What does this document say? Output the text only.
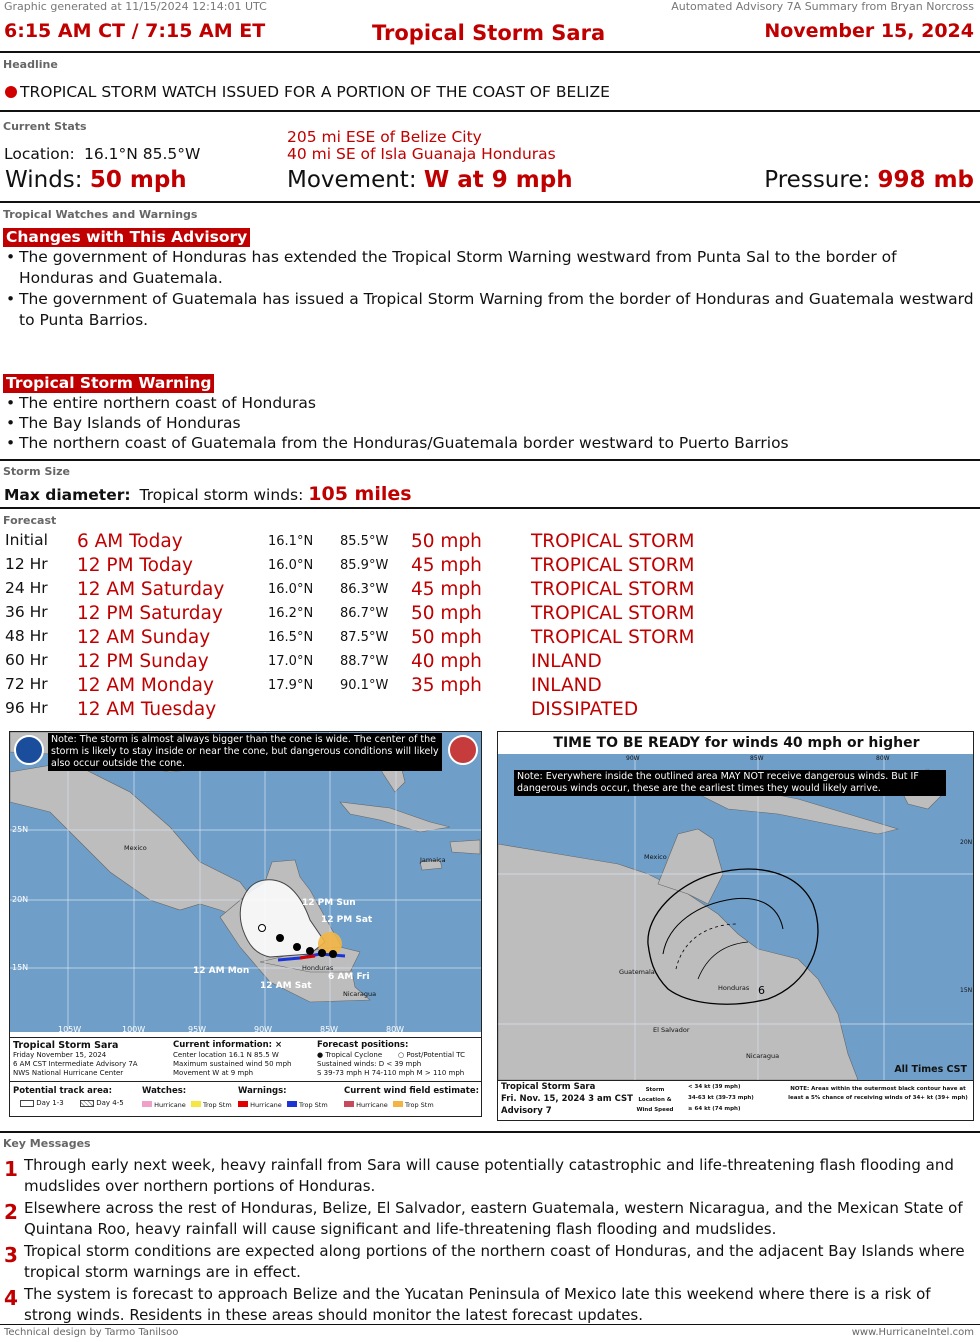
Graphic generated at 11/15/2024 12:14:01 UTC	Automated Advisory 7A Summary from Bryan Norcross
6:15 AM CT / 7:15 AM ET	Tropical Storm Sara	November 15, 2024
Headline
TROPICAL STORM WATCH ISSUED FOR A PORTION OF THE COAST OF BELIZE
Current Stats
Location: 16.1°N 85.5°W
205 mi ESE of Belize City
40 mi SE of Isla Guanaja Honduras
Winds: 50 mph	Movement: W at 9 mph	Pressure: 998 mb
Tropical Watches and Warnings
Changes with This Advisory
• The government of Honduras has extended the Tropical Storm Warning westward from Punta Sal to the border of Honduras and Guatemala.
• The government of Guatemala has issued a Tropical Storm Warning from the border of Honduras and Guatemala westward to Punta Barrios.
Tropical Storm Warning
• The entire northern coast of Honduras
• The Bay Islands of Honduras
• The northern coast of Guatemala from the Honduras/Guatemala border westward to Puerto Barrios
Storm Size
Max diameter: Tropical storm winds: 105 miles
Forecast
Initial 6 AM Today	16.1°N 85.5°W 50 mph	TROPICAL STORM
12 Hr 12 PM Today	16.0°N 85.9°W 45 mph	TROPICAL STORM
24 Hr 12 AM Saturday	16.0°N 86.3°W 45 mph	TROPICAL STORM
36 Hr 12 PM Saturday	16.2°N 86.7°W 50 mph	TROPICAL STORM
48 Hr 12 AM Sunday	16.5°N 87.5°W 50 mph	TROPICAL STORM
60 Hr 12 PM Sunday	17.0°N 88.7°W 40 mph	INLAND
72 Hr 12 AM Monday	17.9°N 90.1°W 35 mph	INLAND
96 Hr 12 AM Tuesday	DISSIPATED
×
Note: The storm is almost always bigger than the cone is wide. The center of the storm is likely to stay inside or near the cone, but dangerous conditions will likely also occur outside the cone.
25N
20N
15N
105W	100W	95W	90W	85W	80W
Mexico
Jamaica
Honduras
Nicaragua
12 PM Sun
12 PM Sat
12 AM Mon
6 AM Fri
12 AM Sat
Tropical Storm Sara
Friday November 15, 2024
6 AM CST Intermediate Advisory 7A
NWS National Hurricane Center
Current information: ×
Center location 16.1 N 85.5 W
Maximum sustained wind 50 mph
Movement W at 9 mph
Forecast positions:
● Tropical Cyclone ○ Post/Potential TC
Sustained winds: D < 39 mph
S 39-73 mph H 74-110 mph M > 110 mph
Potential track area:
Day 1-3	Day 4-5
Watches:
Hurricane	Trop Stm
Warnings:
Hurricane	Trop Stm
Current wind field estimate:
Hurricane	Trop Stm
TIME TO BE READY for winds 40 mph or higher
6
Note: Everywhere inside the outlined area MAY NOT receive dangerous winds. But IF dangerous winds occur, these are the earliest times they would likely arrive.
90W	85W	80W
20N
15N
Mexico
Guatemala
Honduras
El Salvador
Nicaragua
All Times CST
Tropical Storm Sara
Fri. Nov. 15, 2024 3 am CST
Advisory 7
Storm Location & Wind Speed
< 34 kt (39 mph)
34-63 kt (39-73 mph)
≥ 64 kt (74 mph)
NOTE: Areas within the outermost black contour have at least a 5% chance of receiving winds of 34+ kt (39+ mph)
Key Messages
1 Through early next week, heavy rainfall from Sara will cause potentially catastrophic and life-threatening flash flooding and mudslides over northern portions of Honduras.
2 Elsewhere across the rest of Honduras, Belize, El Salvador, eastern Guatemala, western Nicaragua, and the Mexican State of Quintana Roo, heavy rainfall will cause significant and life-threatening flash flooding and mudslides.
3 Tropical storm conditions are expected along portions of the northern coast of Honduras, and the adjacent Bay Islands where tropical storm warnings are in effect.
4 The system is forecast to approach Belize and the Yucatan Peninsula of Mexico late this weekend where there is a risk of strong winds. Residents in these areas should monitor the latest forecast updates.
Technical design by Tarmo Tanilsoo	www.HurricaneIntel.com
